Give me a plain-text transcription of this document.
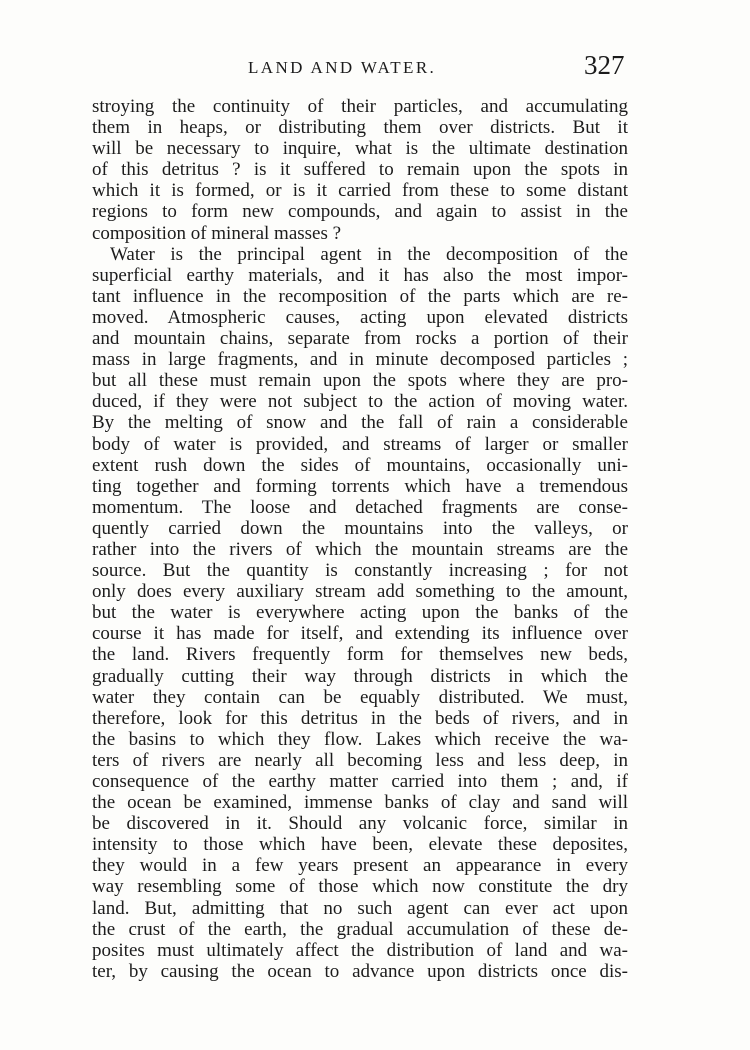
LAND AND WATER.	327
stroying the continuity of their particles, and accumulating
them in heaps, or distributing them over districts. But it
will be necessary to inquire, what is the ultimate destination
of this detritus ? is it suffered to remain upon the spots in
which it is formed, or is it carried from these to some distant
regions to form new compounds, and again to assist in the
composition of mineral masses ?
Water is the principal agent in the decomposition of the
superficial earthy materials, and it has also the most impor-
tant influence in the recomposition of the parts which are re-
moved. Atmospheric causes, acting upon elevated districts
and mountain chains, separate from rocks a portion of their
mass in large fragments, and in minute decomposed particles ;
but all these must remain upon the spots where they are pro-
duced, if they were not subject to the action of moving water.
By the melting of snow and the fall of rain a considerable
body of water is provided, and streams of larger or smaller
extent rush down the sides of mountains, occasionally uni-
ting together and forming torrents which have a tremendous
momentum. The loose and detached fragments are conse-
quently carried down the mountains into the valleys, or
rather into the rivers of which the mountain streams are the
source. But the quantity is constantly increasing ; for not
only does every auxiliary stream add something to the amount,
but the water is everywhere acting upon the banks of the
course it has made for itself, and extending its influence over
the land. Rivers frequently form for themselves new beds,
gradually cutting their way through districts in which the
water they contain can be equably distributed. We must,
therefore, look for this detritus in the beds of rivers, and in
the basins to which they flow. Lakes which receive the wa-
ters of rivers are nearly all becoming less and less deep, in
consequence of the earthy matter carried into them ; and, if
the ocean be examined, immense banks of clay and sand will
be discovered in it. Should any volcanic force, similar in
intensity to those which have been, elevate these deposites,
they would in a few years present an appearance in every
way resembling some of those which now constitute the dry
land. But, admitting that no such agent can ever act upon
the crust of the earth, the gradual accumulation of these de-
posites must ultimately affect the distribution of land and wa-
ter, by causing the ocean to advance upon districts once dis-
